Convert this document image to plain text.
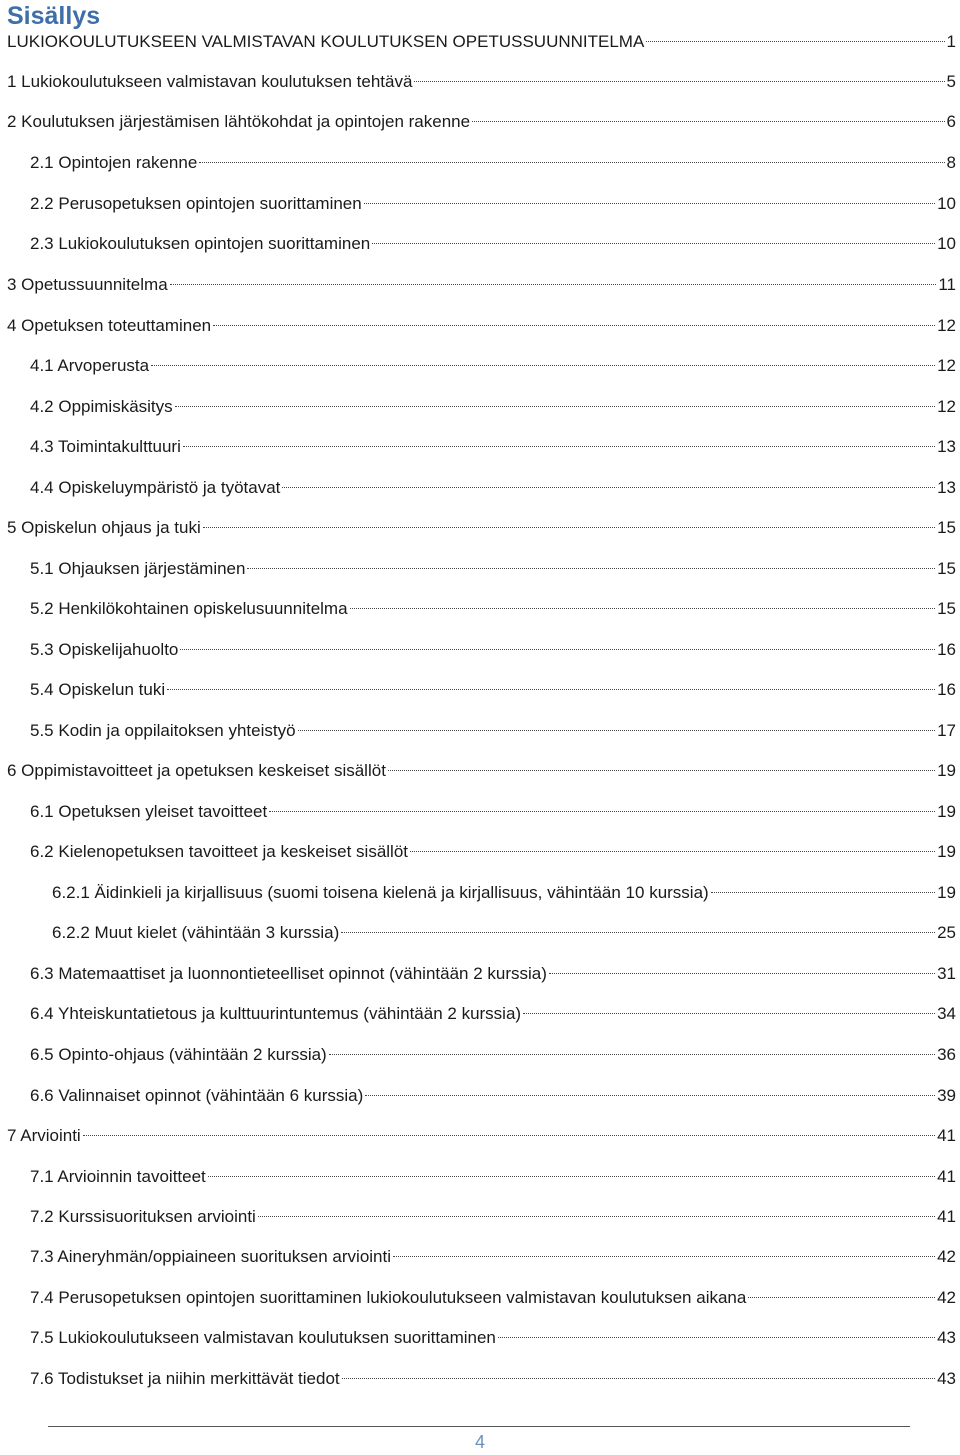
Sisällys
LUKIOKOULUTUKSEEN VALMISTAVAN KOULUTUKSEN OPETUSSUUNNITELMA	1
1 Lukiokoulutukseen valmistavan koulutuksen tehtävä	5
2 Koulutuksen järjestämisen lähtökohdat ja opintojen rakenne	6
2.1 Opintojen rakenne	8
2.2 Perusopetuksen opintojen suorittaminen	10
2.3 Lukiokoulutuksen opintojen suorittaminen	10
3 Opetussuunnitelma	11
4 Opetuksen toteuttaminen	12
4.1 Arvoperusta	12
4.2 Oppimiskäsitys	12
4.3 Toimintakulttuuri	13
4.4 Opiskeluympäristö ja työtavat	13
5 Opiskelun ohjaus ja tuki	15
5.1 Ohjauksen järjestäminen	15
5.2 Henkilökohtainen opiskelusuunnitelma	15
5.3 Opiskelijahuolto	16
5.4 Opiskelun tuki	16
5.5 Kodin ja oppilaitoksen yhteistyö	17
6 Oppimistavoitteet ja opetuksen keskeiset sisällöt	19
6.1 Opetuksen yleiset tavoitteet	19
6.2 Kielenopetuksen tavoitteet ja keskeiset sisällöt	19
6.2.1 Äidinkieli ja kirjallisuus (suomi toisena kielenä ja kirjallisuus, vähintään 10 kurssia)	19
6.2.2 Muut kielet (vähintään 3 kurssia)	25
6.3 Matemaattiset ja luonnontieteelliset opinnot (vähintään 2 kurssia)	31
6.4 Yhteiskuntatietous ja kulttuurintuntemus (vähintään 2 kurssia)	34
6.5 Opinto-ohjaus (vähintään 2 kurssia)	36
6.6 Valinnaiset opinnot (vähintään 6 kurssia)	39
7 Arviointi	41
7.1 Arvioinnin tavoitteet	41
7.2 Kurssisuorituksen arviointi	41
7.3 Aineryhmän/oppiaineen suorituksen arviointi	42
7.4 Perusopetuksen opintojen suorittaminen lukiokoulutukseen valmistavan koulutuksen aikana	42
7.5 Lukiokoulutukseen valmistavan koulutuksen suorittaminen	43
7.6 Todistukset ja niihin merkittävät tiedot	43
4
